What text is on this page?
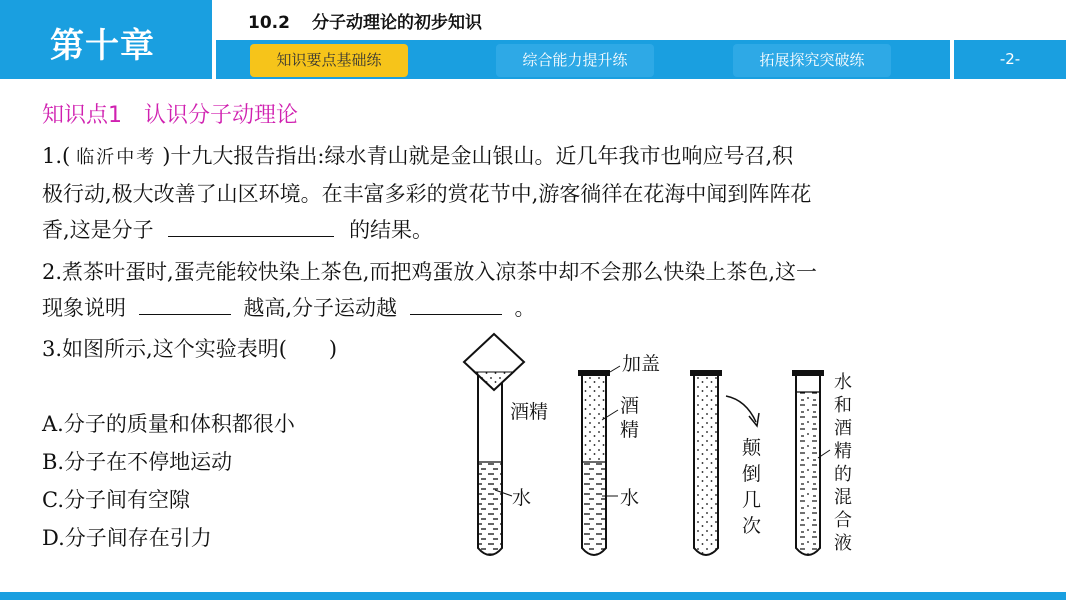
第十章
10.2 分子动理论的初步知识
知识要点基础练	综合能力提升练	拓展探究突破练	-2-
知识点1 认识分子动理论
1.( 临沂中考 )十九大报告指出:绿水青山就是金山银山。近几年我市也响应号召,积
极行动,极大改善了山区环境。在丰富多彩的赏花节中,游客徜徉在花海中闻到阵阵花
香,这是分子	的结果。
2.煮茶叶蛋时,蛋壳能较快染上茶色,而把鸡蛋放入凉茶中却不会那么快染上茶色,这一
现象说明	越高,分子运动越	。
3.如图所示,这个实验表明( )
A.分子的质量和体积都很小
B.分子在不停地运动
C.分子间有空隙
D.分子间存在引力
酒精
水
加盖
酒
精
水
颠
倒
几
次
水
和
酒
精
的
混
合
液
